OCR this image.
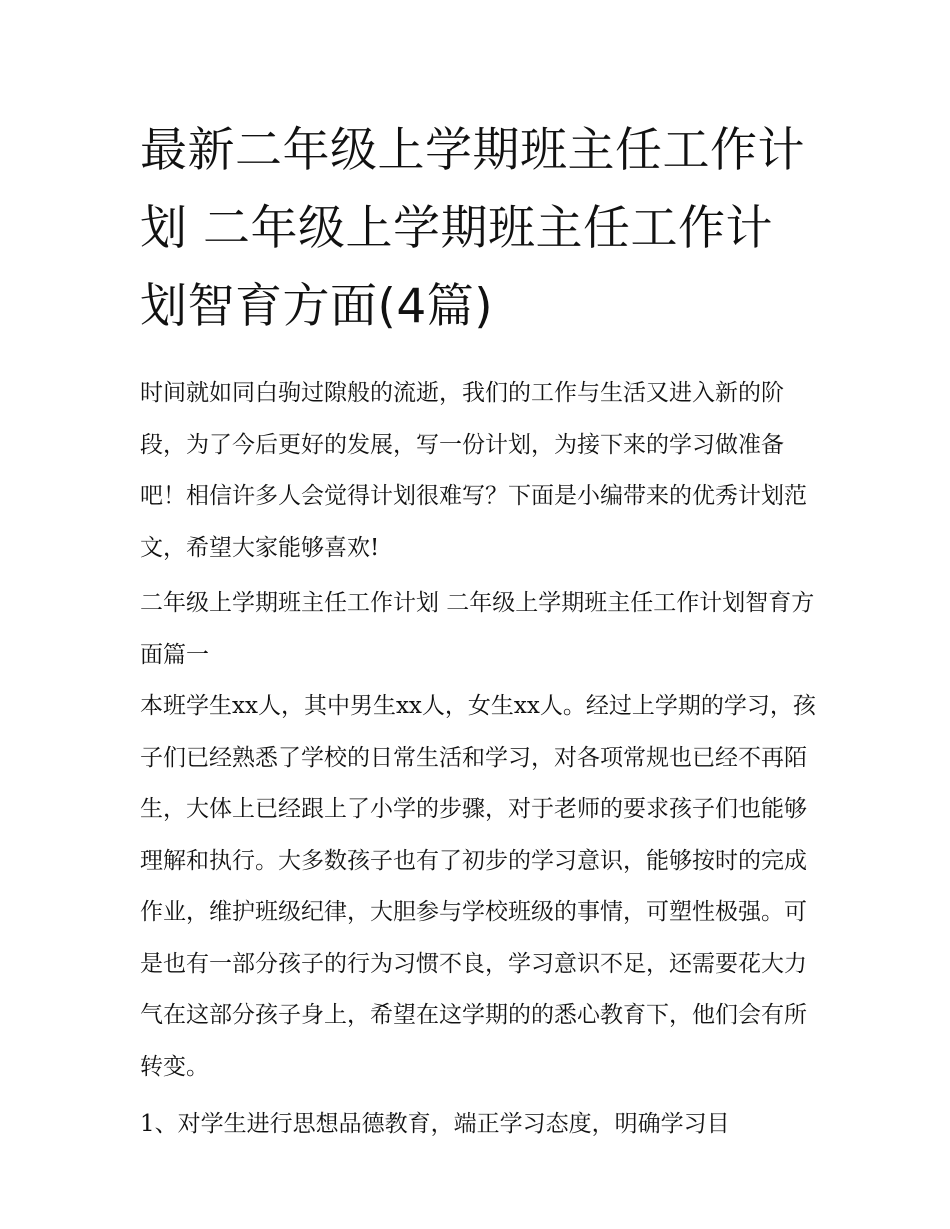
最新二年级上学期班主任工作计划 二年级上学期班主任工作计划智育方面(4篇)

时间就如同白驹过隙般的流逝，我们的工作与生活又进入新的阶段，为了今后更好的发展，写一份计划，为接下来的学习做准备吧！相信许多人会觉得计划很难写？下面是小编带来的优秀计划范文，希望大家能够喜欢!

二年级上学期班主任工作计划 二年级上学期班主任工作计划智育方面篇一

本班学生xx人，其中男生xx人，女生xx人。经过上学期的学习，孩子们已经熟悉了学校的日常生活和学习，对各项常规也已经不再陌生，大体上已经跟上了小学的步骤，对于老师的要求孩子们也能够理解和执行。大多数孩子也有了初步的学习意识，能够按时的完成作业，维护班级纪律，大胆参与学校班级的事情，可塑性极强。可是也有一部分孩子的行为习惯不良，学习意识不足，还需要花大力气在这部分孩子身上，希望在这学期的的悉心教育下，他们会有所转变。

1、对学生进行思想品德教育，端正学习态度，明确学习目
